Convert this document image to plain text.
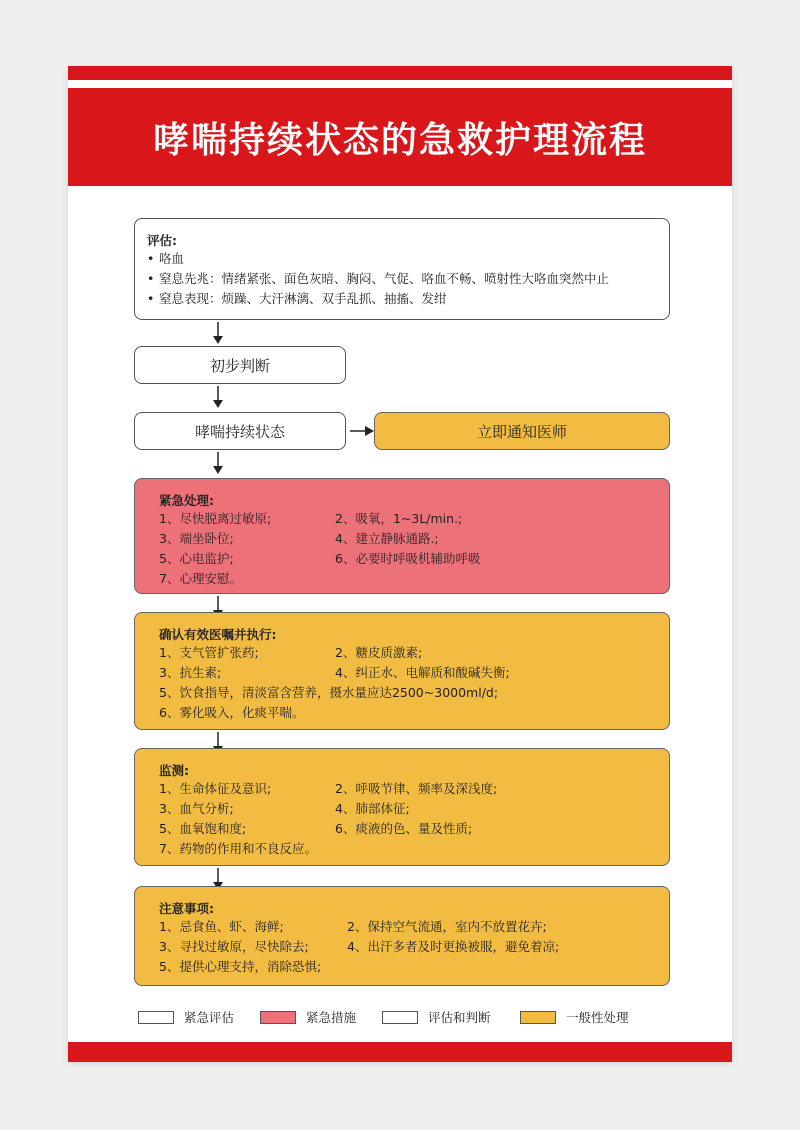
哮喘持续状态的急救护理流程
评估:
• 咯血
• 窒息先兆：情绪紧张、面色灰暗、胸闷、气促、咯血不畅、喷射性大咯血突然中止
• 窒息表现：烦躁、大汗淋漓、双手乱抓、抽搐、发绀
初步判断
哮喘持续状态	立即通知医师
紧急处理:
1、尽快脱离过敏原;	2、吸氧，1~3L/min.;
3、端坐卧位;	4、建立静脉通路.;
5、心电监护;	6、必要时呼吸机辅助呼吸
7、心理安慰。
确认有效医嘱并执行:
1、支气管扩张药;	2、糖皮质激素;
3、抗生素;	4、纠正水、电解质和酸碱失衡;
5、饮食指导，清淡富含营养，摄水量应达2500~3000ml/d;
6、雾化吸入，化痰平喘。
监测:
1、生命体征及意识;	2、呼吸节律、频率及深浅度;
3、血气分析;	4、肺部体征;
5、血氧饱和度;	6、痰液的色、量及性质;
7、药物的作用和不良反应。
注意事项:
1、忌食鱼、虾、海鲜;	2、保持空气流通，室内不放置花卉;
3、寻找过敏原，尽快除去;	4、出汗多者及时更换被服，避免着凉;
5、提供心理支持，消除恐惧;
紧急评估	紧急措施	评估和判断	一般性处理
